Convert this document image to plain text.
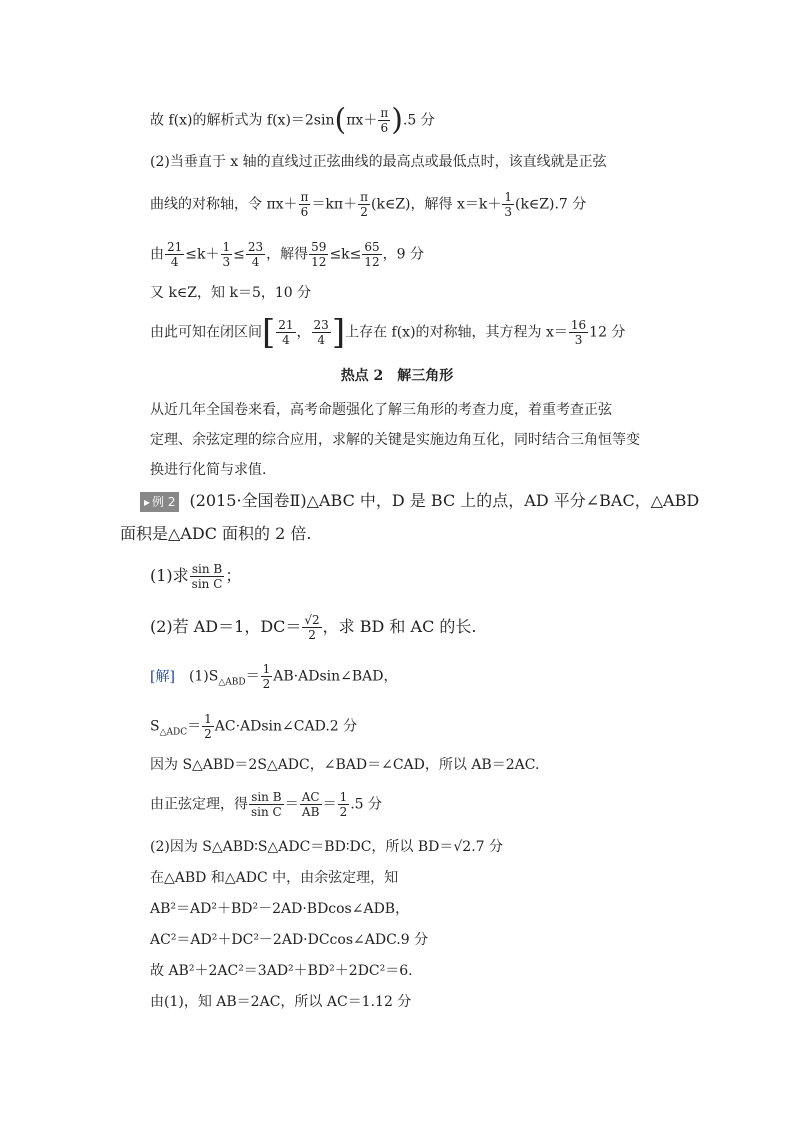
故 f(x)的解析式为 $f(x)=2\sin(\pi x+ \frac{\pi}{6} ).5$ 分
(2)当垂直于 x 轴的直线过正弦曲线的最高点或最低点时，该直线就是正弦
曲线的对称轴，令 $\pi x+ \frac{\pi}{6} =k\pi+ \frac{\pi}{2}$ (k∈Z)，解得 $x=k+ \frac{1}{3}$ (k∈Z).7 分
由 $\frac{21}{4} \le k+ \frac{1}{3} \le \frac{23}{4}$ ，解得 $\frac{59}{12} \le k\le \frac{65}{12}$ ，9 分
又 k∈Z，知 k＝5，10 分
由此可知在闭区间[ $\frac{21}{4}$ ， $\frac{23}{4}$ ]上存在 f(x)的对称轴，其方程为 $x= \frac{16}{3} 12$ 分
热点 2　解三角形
从近几年全国卷来看，高考命题强化了解三角形的考查力度，着重考查正弦
定理、余弦定理的综合应用，求解的关键是实施边角互化，同时结合三角恒等变
换进行化简与求值.
▸ 例 2 (2015·全国卷Ⅱ)△ABC 中，D 是 BC 上的点，AD 平分∠BAC，△ABD
面积是△ADC 面积的 2 倍.
(1)求 $\frac{\text{sin B}}{\text{sin C}}$ ；
(2)若 AD＝1，$DC= \frac{√2}{2}$ ，求 BD 和 AC 的长.
[解] $(1)S_{\triangle ABD}= \frac{1}{2}$ AB·ADsin∠BAD，
$S_{\triangle ADC}= \frac{1}{2}$ AC·ADsin∠CAD.2 分
因为 S△ABD＝2S△ADC，∠BAD＝∠CAD，所以 AB＝2AC.
由正弦定理，得 $\frac{\text{sin B}}{\text{sin C}} = \frac{AC}{AB} = \frac{1}{2} .5$ 分
(2)因为 S△ABD∶S△ADC＝BD∶DC，所以 BD＝√2.7 分
在△ABD 和△ADC 中，由余弦定理，知
AB²＝AD²＋BD²－2AD·BDcos∠ADB，
AC²＝AD²＋DC²－2AD·DCcos∠ADC.9 分
故 AB²＋2AC²＝3AD²＋BD²＋2DC²＝6.
由(1)，知 AB＝2AC，所以 AC＝1.12 分
